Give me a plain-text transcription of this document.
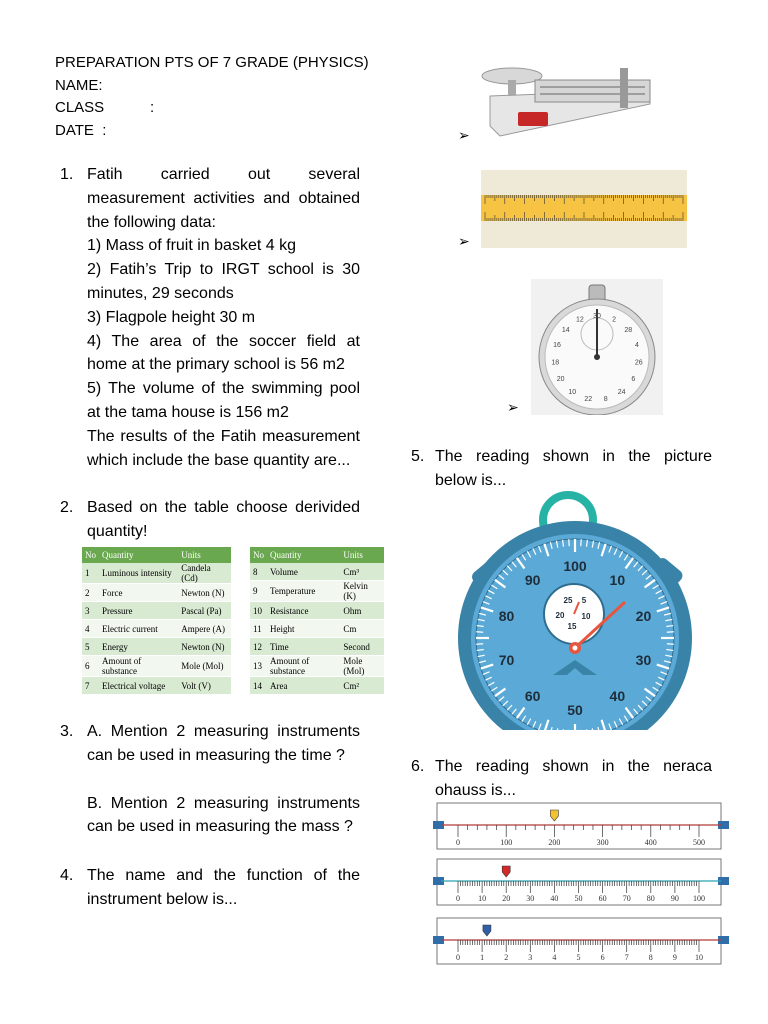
PREPARATION PTS OF 7 GRADE (PHYSICS)
NAME:
CLASS           :
DATE  :
1. Fatih carried out several measurement activities and obtained the following data:

1) Mass of fruit in basket 4 kg

2) Fatih’s Trip to IRGT school is 30 minutes, 29 seconds

3) Flagpole height 30 m

4) The area of the soccer field at home at the primary school is 56 m2

5) The volume of the swimming pool at the tama house is 156 m2

The results of the Fatih measurement which include the base quantity are...

2. Based on the table choose derivided quantity!

No	Quantity	Units
1	Luminous intensity	Candela (Cd)
2	Force	Newton (N)
3	Pressure	Pascal (Pa)
4	Electric current	Ampere (A)
5	Energy	Newton (N)
6	Amount of substance	Mole (Mol)
7	Electrical voltage	Volt (V)
No	Quantity	Units
8	Volume	Cm³
9	Temperature	Kelvin (K)
10	Resistance	Ohm
11	Height	Cm
12	Time	Second
13	Amount of substance	Mole (Mol)
14	Area	Cm²
3. A. Mention 2 measuring instruments can be used in measuring the time ?

B. Mention 2 measuring instruments can be used in measuring the mass ?

4. The name and the function of the instrument below is...

➢
➢
30
2
28
4
26
6
24
8
22
10
20
18
16
14
12
➢
5. The reading shown in the picture below is...

100
10
20
30
40
50
60
70
80
90
25 5
20 10
15
6. The reading shown in the neraca ohauss is...

0	100	200	300	400	500
0 10 20 30 40 50 60 70 80 90 100
0	1	2	3	4	5	6	7	8	9 10
